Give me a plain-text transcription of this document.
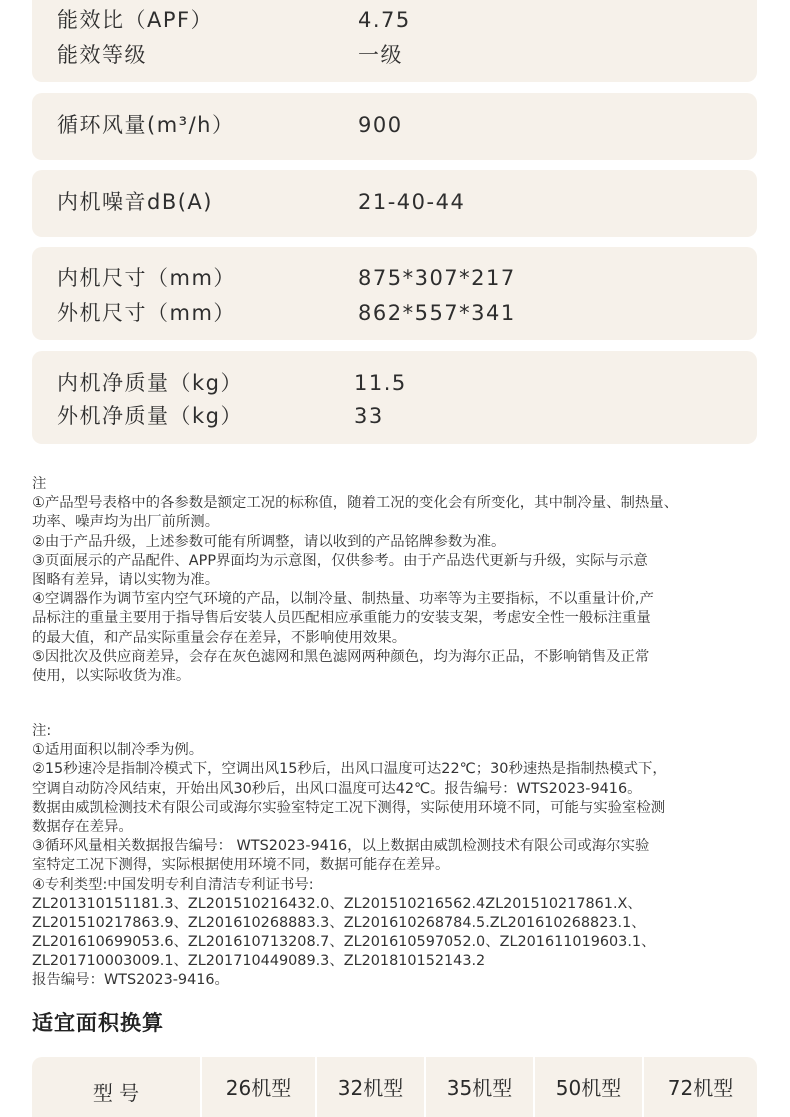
能效比（APF）	4.75
能效等级	一级
循环风量(m³/h）	900
内机噪音dB(A)	21-40-44
内机尺寸（mm）	875*307*217
外机尺寸（mm）	862*557*341
内机净质量（kg）	11.5
外机净质量（kg）	33
注
①产品型号表格中的各参数是额定工况的标称值，随着工况的变化会有所变化，其中制冷量、制热量、
功率、噪声均为出厂前所测。
②由于产品升级，上述参数可能有所调整，请以收到的产品铭牌参数为准。
③页面展示的产品配件、APP界面均为示意图，仅供参考。由于产品迭代更新与升级，实际与示意
图略有差异，请以实物为准。
④空调器作为调节室内空气环境的产品，以制冷量、制热量、功率等为主要指标，不以重量计价,产
品标注的重量主要用于指导售后安装人员匹配相应承重能力的安装支架，考虑安全性一般标注重量
的最大值，和产品实际重量会存在差异，不影响使用效果。
⑤因批次及供应商差异，会存在灰色滤网和黑色滤网两种颜色，均为海尔正品，不影响销售及正常
使用，以实际收货为准。
注:
①适用面积以制冷季为例。
②15秒速冷是指制冷模式下，空调出风15秒后，出风口温度可达22℃；30秒速热是指制热模式下，
空调自动防冷风结束，开始出风30秒后，出风口温度可达42℃。报告编号：WTS2023-9416。
数据由威凯检测技术有限公司或海尔实验室特定工况下测得，实际使用环境不同，可能与实验室检测
数据存在差异。
③循环风量相关数据报告编号： WTS2023-9416，以上数据由威凯检测技术有限公司或海尔实验
室特定工况下测得，实际根据使用环境不同，数据可能存在差异。
④专利类型:中国发明专利自清洁专利证书号:
ZL201310151181.3、ZL201510216432.0、ZL201510216562.4ZL201510217861.X、
ZL201510217863.9、ZL201610268883.3、ZL201610268784.5.ZL201610268823.1、
ZL201610699053.6、ZL201610713208.7、ZL201610597052.0、ZL201611019603.1、
ZL201710003009.1、ZL201710449089.3、ZL201810152143.2
报告编号：WTS2023-9416。
适宜面积换算
型 号	26机型	32机型	35机型	50机型	72机型
